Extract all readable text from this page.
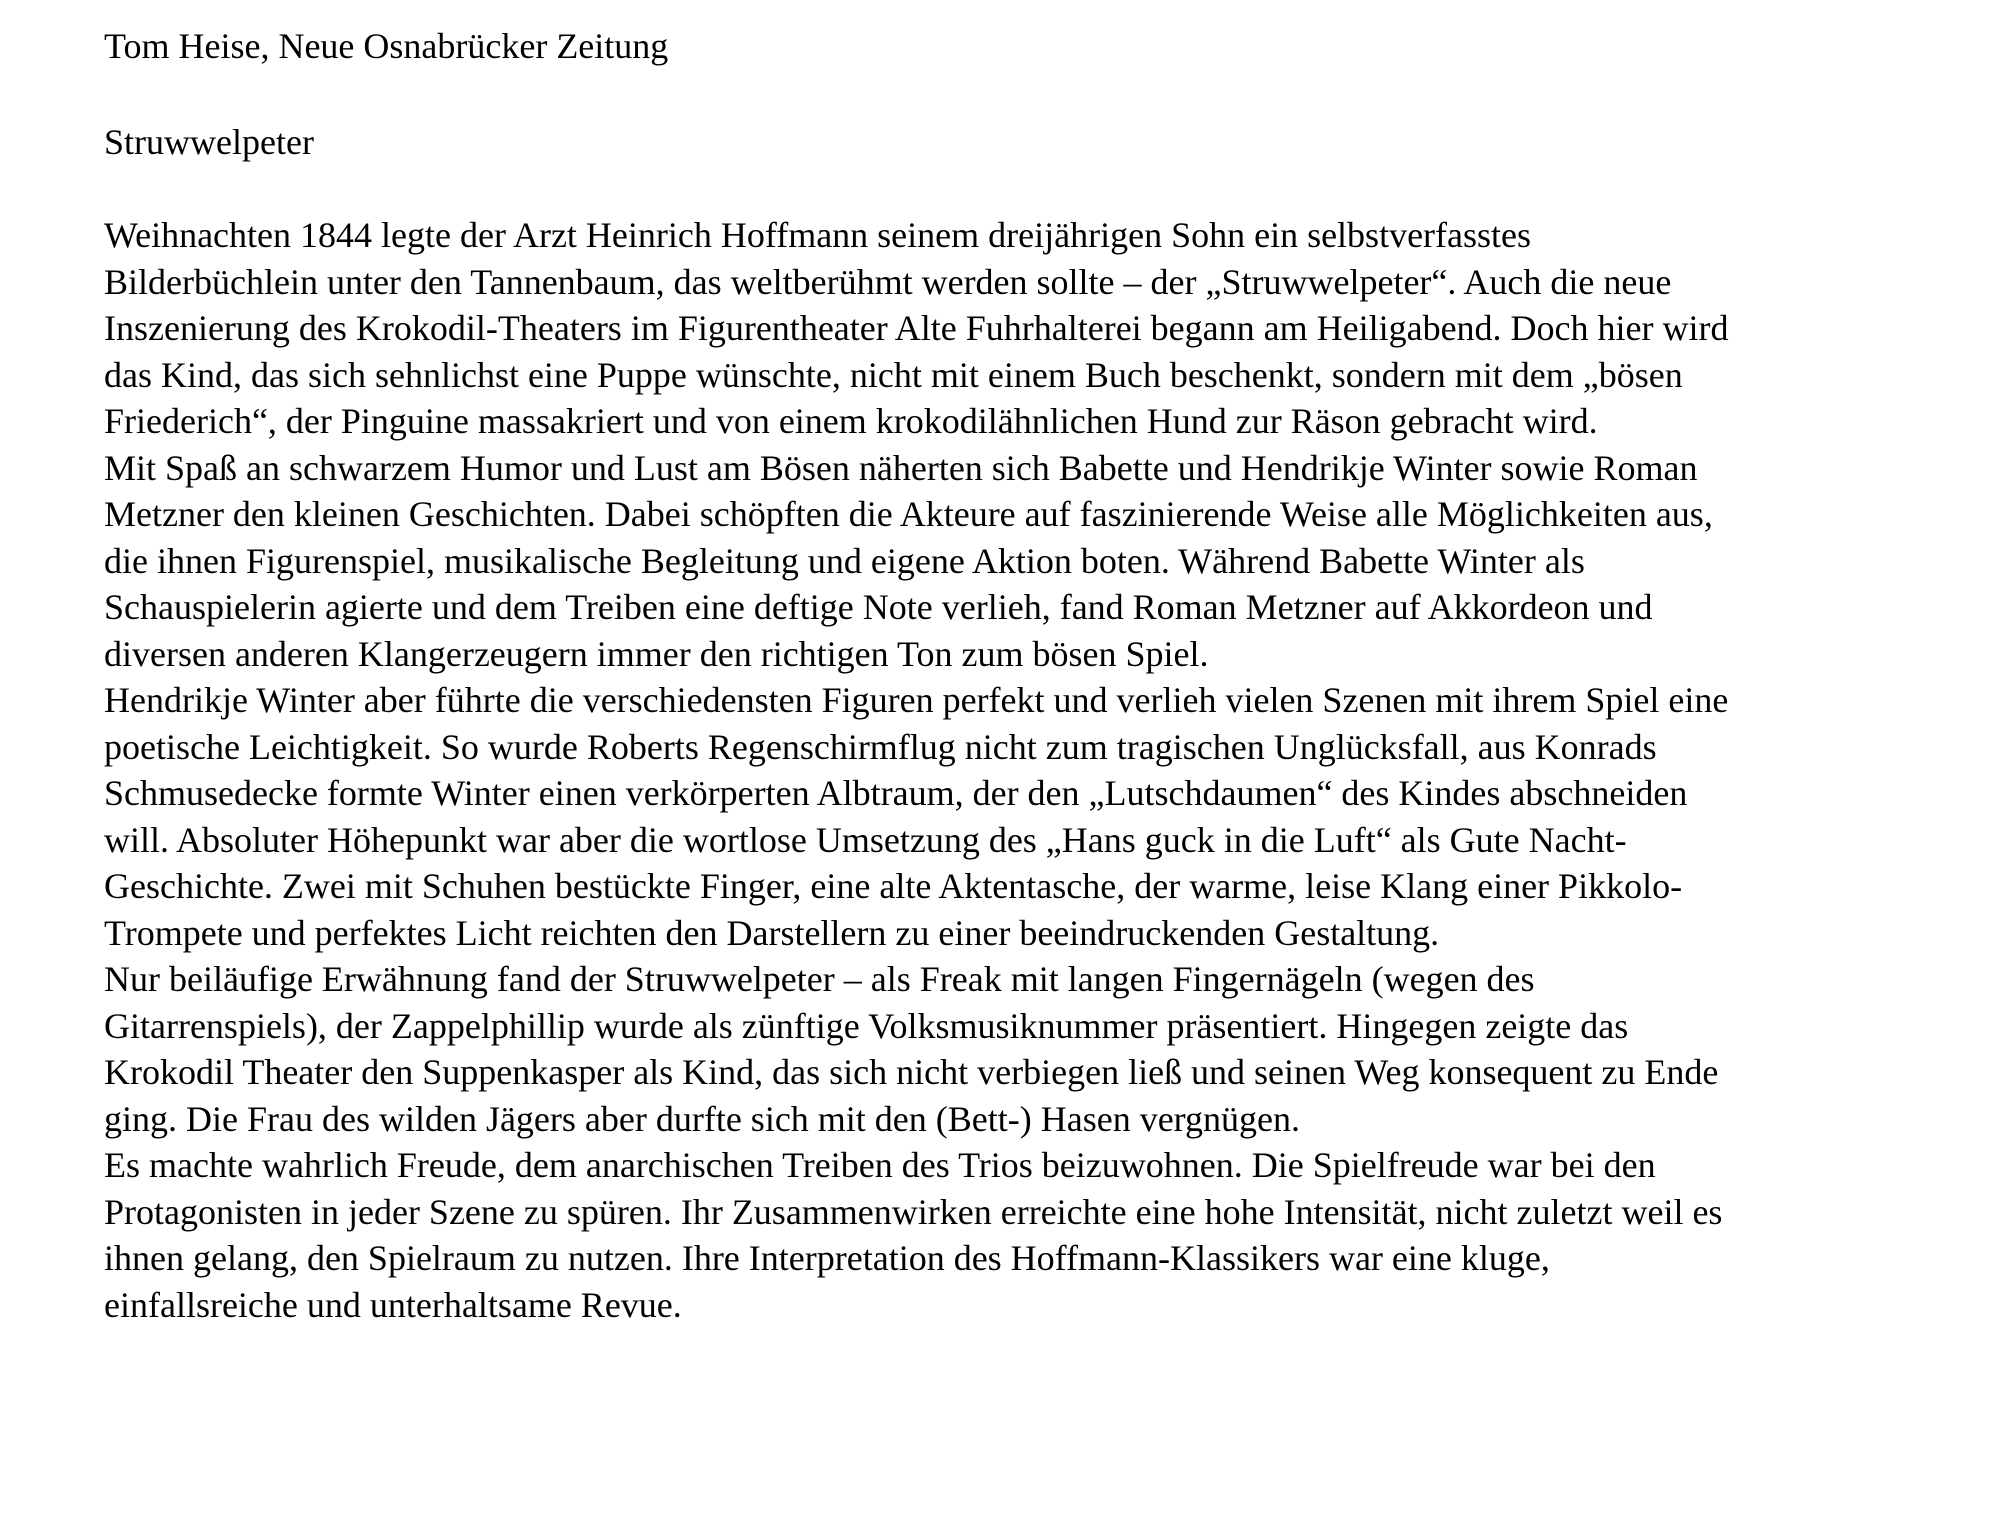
Tom Heise, Neue Osnabrücker Zeitung
Struwwelpeter
Weihnachten 1844 legte der Arzt Heinrich Hoffmann seinem dreijährigen Sohn ein selbstverfasstes
Bilderbüchlein unter den Tannenbaum, das weltberühmt werden sollte – der „Struwwelpeter“. Auch die neue
Inszenierung des Krokodil-Theaters im Figurentheater Alte Fuhrhalterei begann am Heiligabend. Doch hier wird
das Kind, das sich sehnlichst eine Puppe wünschte, nicht mit einem Buch beschenkt, sondern mit dem „bösen
Friederich“, der Pinguine massakriert und von einem krokodilähnlichen Hund zur Räson gebracht wird.
Mit Spaß an schwarzem Humor und Lust am Bösen näherten sich Babette und Hendrikje Winter sowie Roman
Metzner den kleinen Geschichten. Dabei schöpften die Akteure auf faszinierende Weise alle Möglichkeiten aus,
die ihnen Figurenspiel, musikalische Begleitung und eigene Aktion boten. Während Babette Winter als
Schauspielerin agierte und dem Treiben eine deftige Note verlieh, fand Roman Metzner auf Akkordeon und
diversen anderen Klangerzeugern immer den richtigen Ton zum bösen Spiel.
Hendrikje Winter aber führte die verschiedensten Figuren perfekt und verlieh vielen Szenen mit ihrem Spiel eine
poetische Leichtigkeit. So wurde Roberts Regenschirmflug nicht zum tragischen Unglücksfall, aus Konrads
Schmusedecke formte Winter einen verkörperten Albtraum, der den „Lutschdaumen“ des Kindes abschneiden
will. Absoluter Höhepunkt war aber die wortlose Umsetzung des „Hans guck in die Luft“ als Gute Nacht-
Geschichte. Zwei mit Schuhen bestückte Finger, eine alte Aktentasche, der warme, leise Klang einer Pikkolo-
Trompete und perfektes Licht reichten den Darstellern zu einer beeindruckenden Gestaltung.
Nur beiläufige Erwähnung fand der Struwwelpeter – als Freak mit langen Fingernägeln (wegen des
Gitarrenspiels), der Zappelphillip wurde als zünftige Volksmusiknummer präsentiert. Hingegen zeigte das
Krokodil Theater den Suppenkasper als Kind, das sich nicht verbiegen ließ und seinen Weg konsequent zu Ende
ging. Die Frau des wilden Jägers aber durfte sich mit den (Bett-) Hasen vergnügen.
Es machte wahrlich Freude, dem anarchischen Treiben des Trios beizuwohnen. Die Spielfreude war bei den
Protagonisten in jeder Szene zu spüren. Ihr Zusammenwirken erreichte eine hohe Intensität, nicht zuletzt weil es
ihnen gelang, den Spielraum zu nutzen. Ihre Interpretation des Hoffmann-Klassikers war eine kluge,
einfallsreiche und unterhaltsame Revue.
